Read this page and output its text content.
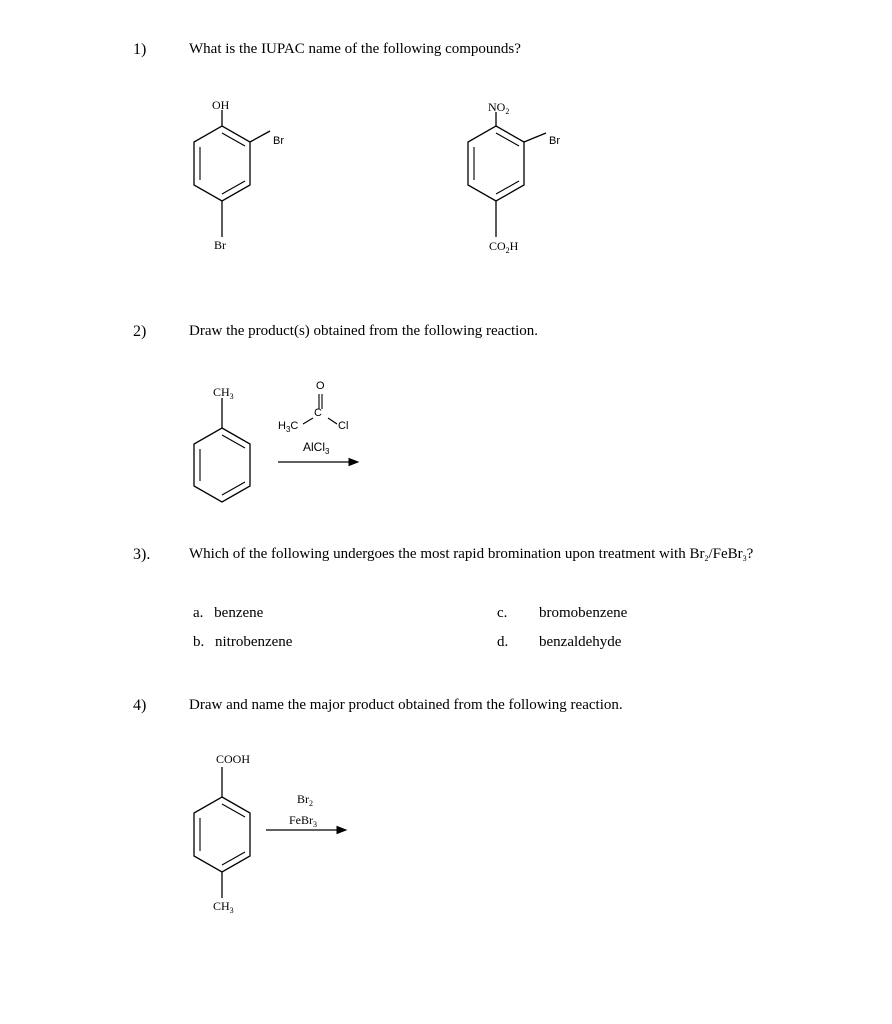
1)	What is the IUPAC name of the following compounds?
OH
Br
Br
$NO_2$
Br
$CO_2H$
2)	Draw the product(s) obtained from the following reaction.
$CH_3$
O
C
$H_3C$	Cl
AlCl$_3$
3).	Which of the following undergoes the most rapid bromination upon treatment with $Br_2/FeBr_3$?
a. benzene
b. nitrobenzene
c. bromobenzene
d. benzaldehyde
4)	Draw and name the major product obtained from the following reaction.
COOH
$CH_3$
$Br_2$
FeBr$_3$
